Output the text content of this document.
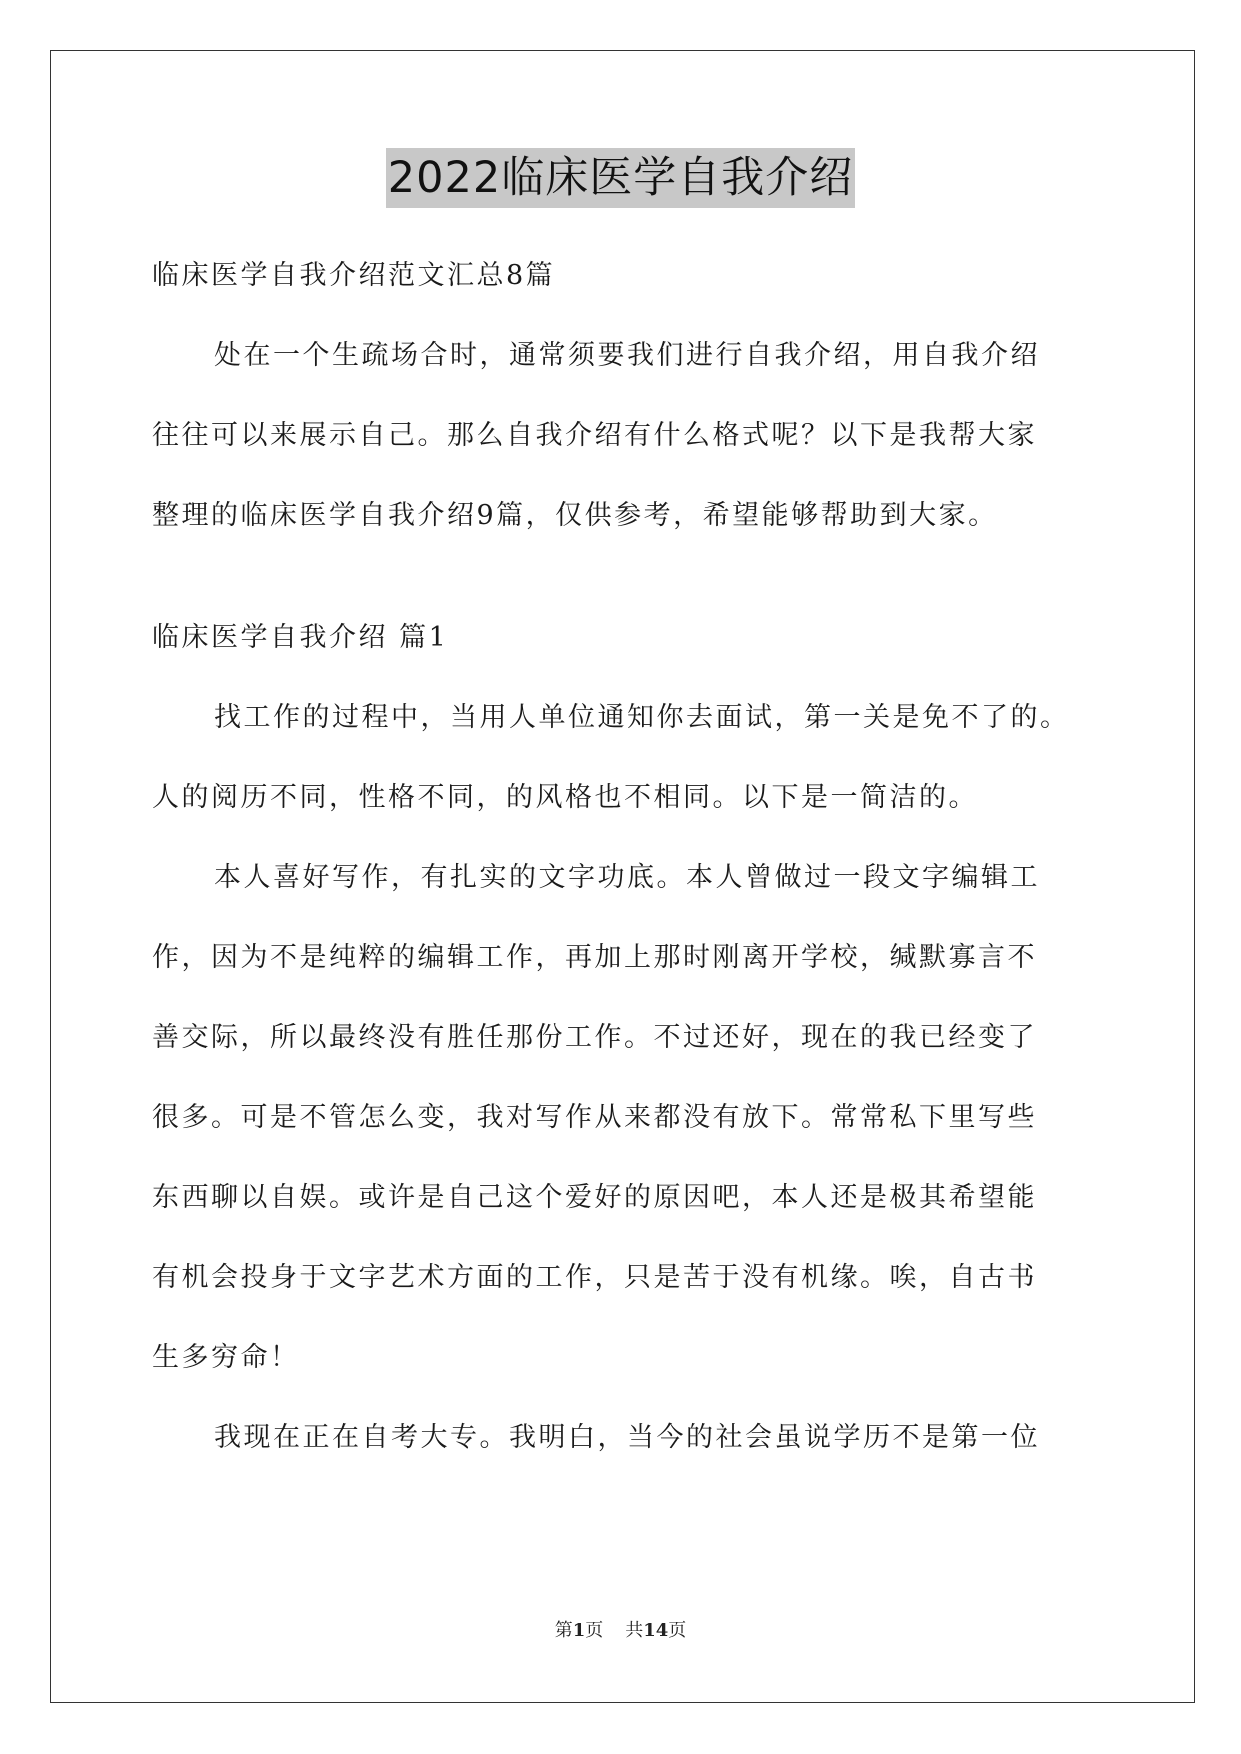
2022临床医学自我介绍
临床医学自我介绍范文汇总8篇
处在一个生疏场合时，通常须要我们进行自我介绍，用自我介绍
往往可以来展示自己。那么自我介绍有什么格式呢？以下是我帮大家
整理的临床医学自我介绍9篇，仅供参考，希望能够帮助到大家。
临床医学自我介绍 篇1
找工作的过程中，当用人单位通知你去面试，第一关是免不了的。
人的阅历不同，性格不同，的风格也不相同。以下是一简洁的。
本人喜好写作，有扎实的文字功底。本人曾做过一段文字编辑工
作，因为不是纯粹的编辑工作，再加上那时刚离开学校，缄默寡言不
善交际，所以最终没有胜任那份工作。不过还好，现在的我已经变了
很多。可是不管怎么变，我对写作从来都没有放下。常常私下里写些
东西聊以自娱。或许是自己这个爱好的原因吧，本人还是极其希望能
有机会投身于文字艺术方面的工作，只是苦于没有机缘。唉，自古书
生多穷命！
我现在正在自考大专。我明白，当今的社会虽说学历不是第一位
第1页 共14页
